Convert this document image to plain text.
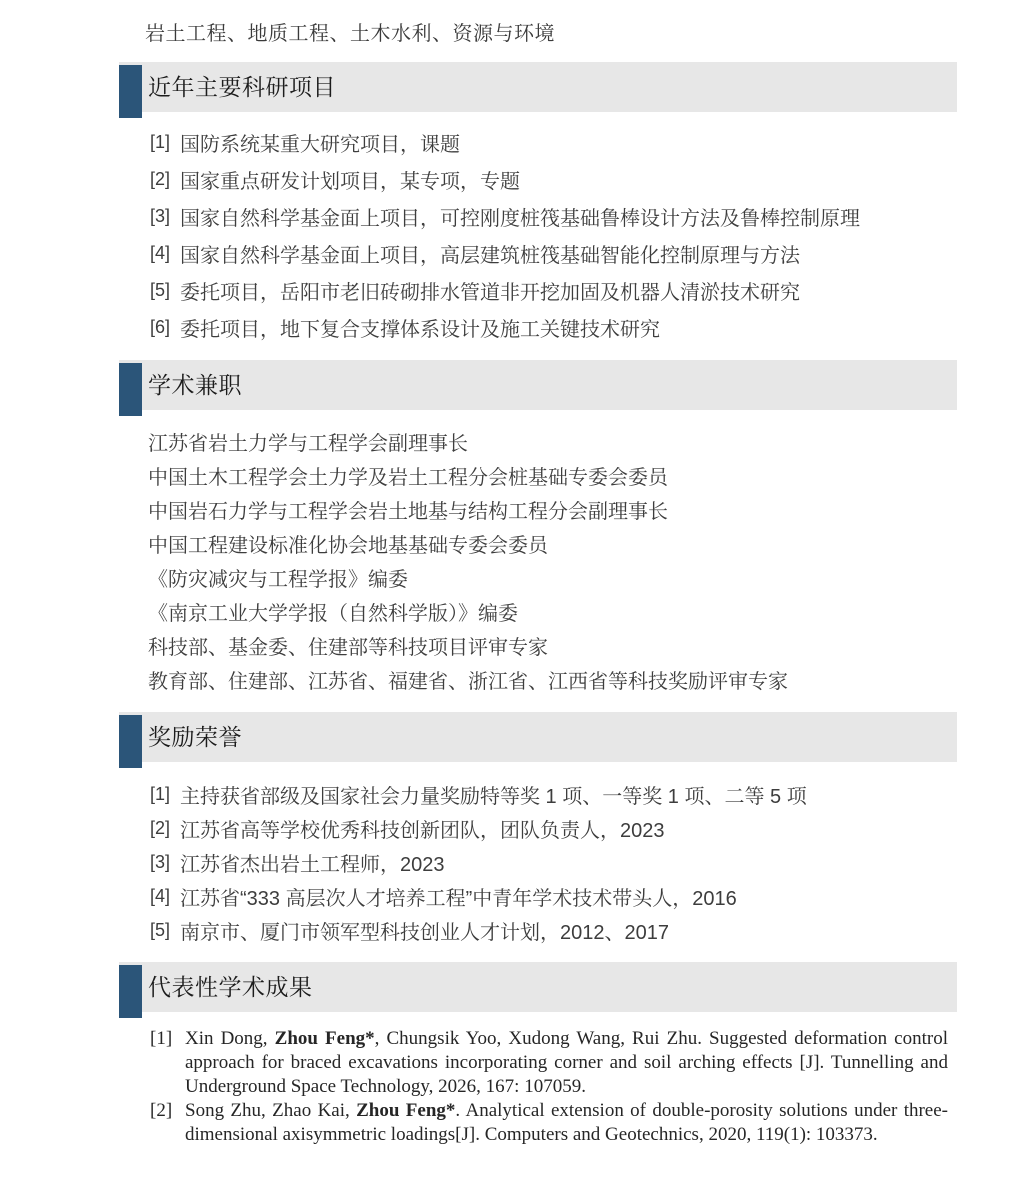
岩土工程、地质工程、土木水利、资源与环境
近年主要科研项目
[1] 国防系统某重大研究项目，课题
[2] 国家重点研发计划项目，某专项，专题
[3] 国家自然科学基金面上项目，可控刚度桩筏基础鲁棒设计方法及鲁棒控制原理
[4] 国家自然科学基金面上项目，高层建筑桩筏基础智能化控制原理与方法
[5] 委托项目，岳阳市老旧砖砌排水管道非开挖加固及机器人清淤技术研究
[6] 委托项目，地下复合支撑体系设计及施工关键技术研究
学术兼职
江苏省岩土力学与工程学会副理事长
中国土木工程学会土力学及岩土工程分会桩基础专委会委员
中国岩石力学与工程学会岩土地基与结构工程分会副理事长
中国工程建设标准化协会地基基础专委会委员
《防灾减灾与工程学报》编委
《南京工业大学学报（自然科学版）》编委
科技部、基金委、住建部等科技项目评审专家
教育部、住建部、江苏省、福建省、浙江省、江西省等科技奖励评审专家
奖励荣誉
[1] 主持获省部级及国家社会力量奖励特等奖 1 项、一等奖 1 项、二等 5 项
[2] 江苏省高等学校优秀科技创新团队，团队负责人，2023
[3] 江苏省杰出岩土工程师，2023
[4] 江苏省“333 高层次人才培养工程”中青年学术技术带头人，2016
[5] 南京市、厦门市领军型科技创业人才计划，2012、2017
代表性学术成果
[1] Xin Dong, Zhou Feng*, Chungsik Yoo, Xudong Wang, Rui Zhu. Suggested deformation control approach for braced excavations incorporating corner and soil arching effects [J]. Tunnelling and Underground Space Technology, 2026, 167: 107059.
[2] Song Zhu, Zhao Kai, Zhou Feng*. Analytical extension of double-porosity solutions under three-dimensional axisymmetric loadings[J]. Computers and Geotechnics, 2020, 119(1): 103373.
